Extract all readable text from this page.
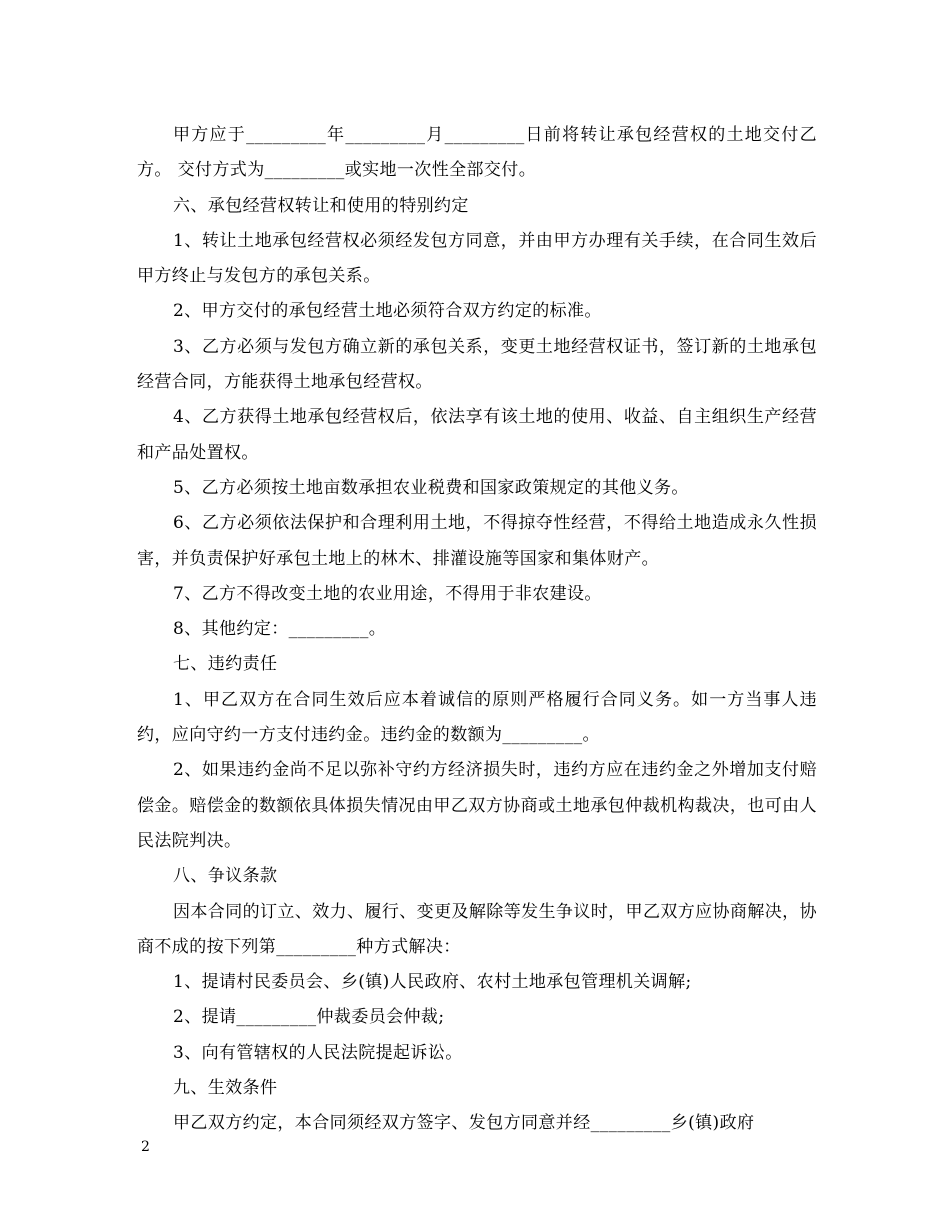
甲方应于_________年_________月_________日前将转让承包经营权的土地交付乙方。 交付方式为_________或实地一次性全部交付。

六、承包经营权转让和使用的特别约定

1、转让土地承包经营权必须经发包方同意，并由甲方办理有关手续，在合同生效后甲方终止与发包方的承包关系。

2、甲方交付的承包经营土地必须符合双方约定的标准。

3、乙方必须与发包方确立新的承包关系，变更土地经营权证书，签订新的土地承包经营合同，方能获得土地承包经营权。

4、乙方获得土地承包经营权后，依法享有该土地的使用、收益、自主组织生产经营和产品处置权。

5、乙方必须按土地亩数承担农业税费和国家政策规定的其他义务。

6、乙方必须依法保护和合理利用土地，不得掠夺性经营，不得给土地造成永久性损害，并负责保护好承包土地上的林木、排灌设施等国家和集体财产。

7、乙方不得改变土地的农业用途，不得用于非农建设。

8、其他约定：_________。

七、违约责任

1、甲乙双方在合同生效后应本着诚信的原则严格履行合同义务。如一方当事人违约，应向守约一方支付违约金。违约金的数额为_________。

2、如果违约金尚不足以弥补守约方经济损失时，违约方应在违约金之外增加支付赔偿金。赔偿金的数额依具体损失情况由甲乙双方协商或土地承包仲裁机构裁决，也可由人民法院判决。

八、争议条款

因本合同的订立、效力、履行、变更及解除等发生争议时，甲乙双方应协商解决，协商不成的按下列第_________种方式解决：

1、提请村民委员会、乡(镇)人民政府、农村土地承包管理机关调解;

2、提请_________仲裁委员会仲裁;

3、向有管辖权的人民法院提起诉讼。

九、生效条件

甲乙双方约定，本合同须经双方签字、发包方同意并经_________乡(镇)政府

2
